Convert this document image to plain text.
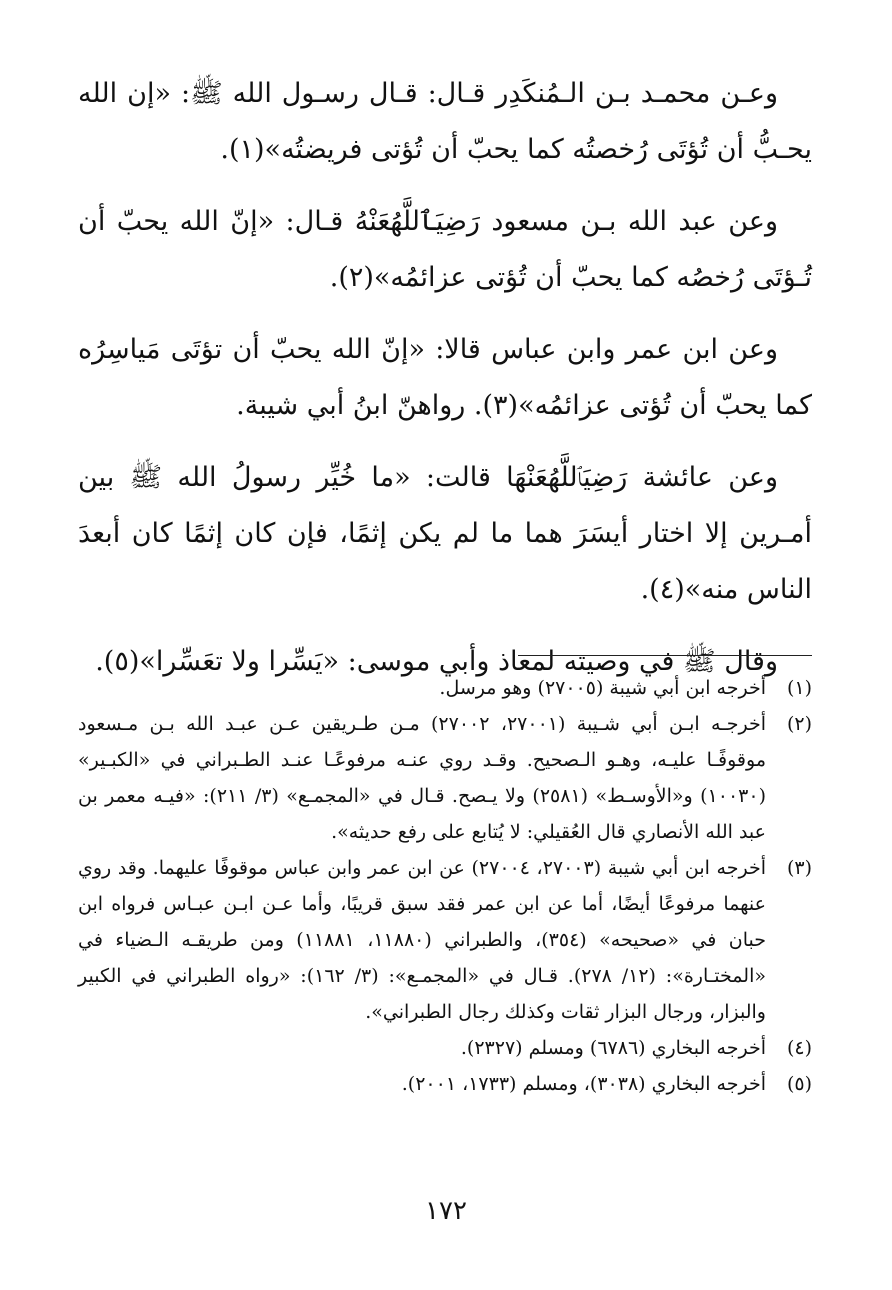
وعـن محمـد بـن الـمُنكَدِر قـال: قـال رسـول الله ﷺ: «إن الله يحـبُّ أن تُؤتَى رُخصتُه كما يحبّ أن تُؤتى فريضتُه»(١).

وعن عبد الله بـن مسعود رَضِيَٱللَّهُعَنْهُ قـال: «إنّ الله يحبّ أن تُـؤتَى رُخصُه كما يحبّ أن تُؤتى عزائمُه»(٢).

وعن ابن عمر وابن عباس قالا: «إنّ الله يحبّ أن تؤتَى مَياسِرُه كما يحبّ أن تُؤتى عزائمُه»(٣). رواهنّ ابنُ أبي شيبة.

وعن عائشة رَضِيَٱللَّهُعَنْهَا قالت: «ما خُيِّر رسولُ الله ﷺ بين أمـرين إلا اختار أيسَرَ هما ما لم يكن إثمًا، فإن كان إثمًا كان أبعدَ الناس منه»(٤).

وقال ﷺ في وصيته لمعاذ وأبي موسى: «يَسِّرا ولا تعَسِّرا»(٥).

(١)
أخرجه ابن أبي شيبة (٢٧٠٠٥) وهو مرسل.
(٢)
أخرجـه ابـن أبي شـيبة (٢٧٠٠١، ٢٧٠٠٢) مـن طـريقين عـن عبـد الله بـن مـسعود موقوفًـا عليـه، وهـو الـصحيح. وقـد روي عنـه مرفوعًـا عنـد الطـبراني في «الكبـير» (١٠٠٣٠) و«الأوسـط» (٢٥٨١) ولا يـصح. قـال في «المجمـع» (٣/ ٢١١): «فيـه معمر بن عبد الله الأنصاري قال العُقيلي: لا يُتابع على رفع حديثه».
(٣)
أخرجه ابن أبي شيبة (٢٧٠٠٣، ٢٧٠٠٤) عن ابن عمر وابن عباس موقوفًا عليهما. وقد روي عنهما مرفوعًا أيضًا، أما عن ابن عمر فقد سبق قريبًا، وأما عـن ابـن عبـاس فرواه ابن حبان في «صحيحه» (٣٥٤)، والطبراني (١١٨٨٠، ١١٨٨١) ومن طريقـه الـضياء في «المختـارة»: (١٢/ ٢٧٨). قـال في «المجمـع»: (٣/ ١٦٢): «رواه الطبراني في الكبير والبزار، ورجال البزار ثقات وكذلك رجال الطبراني».
(٤)
أخرجه البخاري (٦٧٨٦) ومسلم (٢٣٢٧).
(٥)
أخرجه البخاري (٣٠٣٨)، ومسلم (١٧٣٣، ٢٠٠١).
١٧٢
